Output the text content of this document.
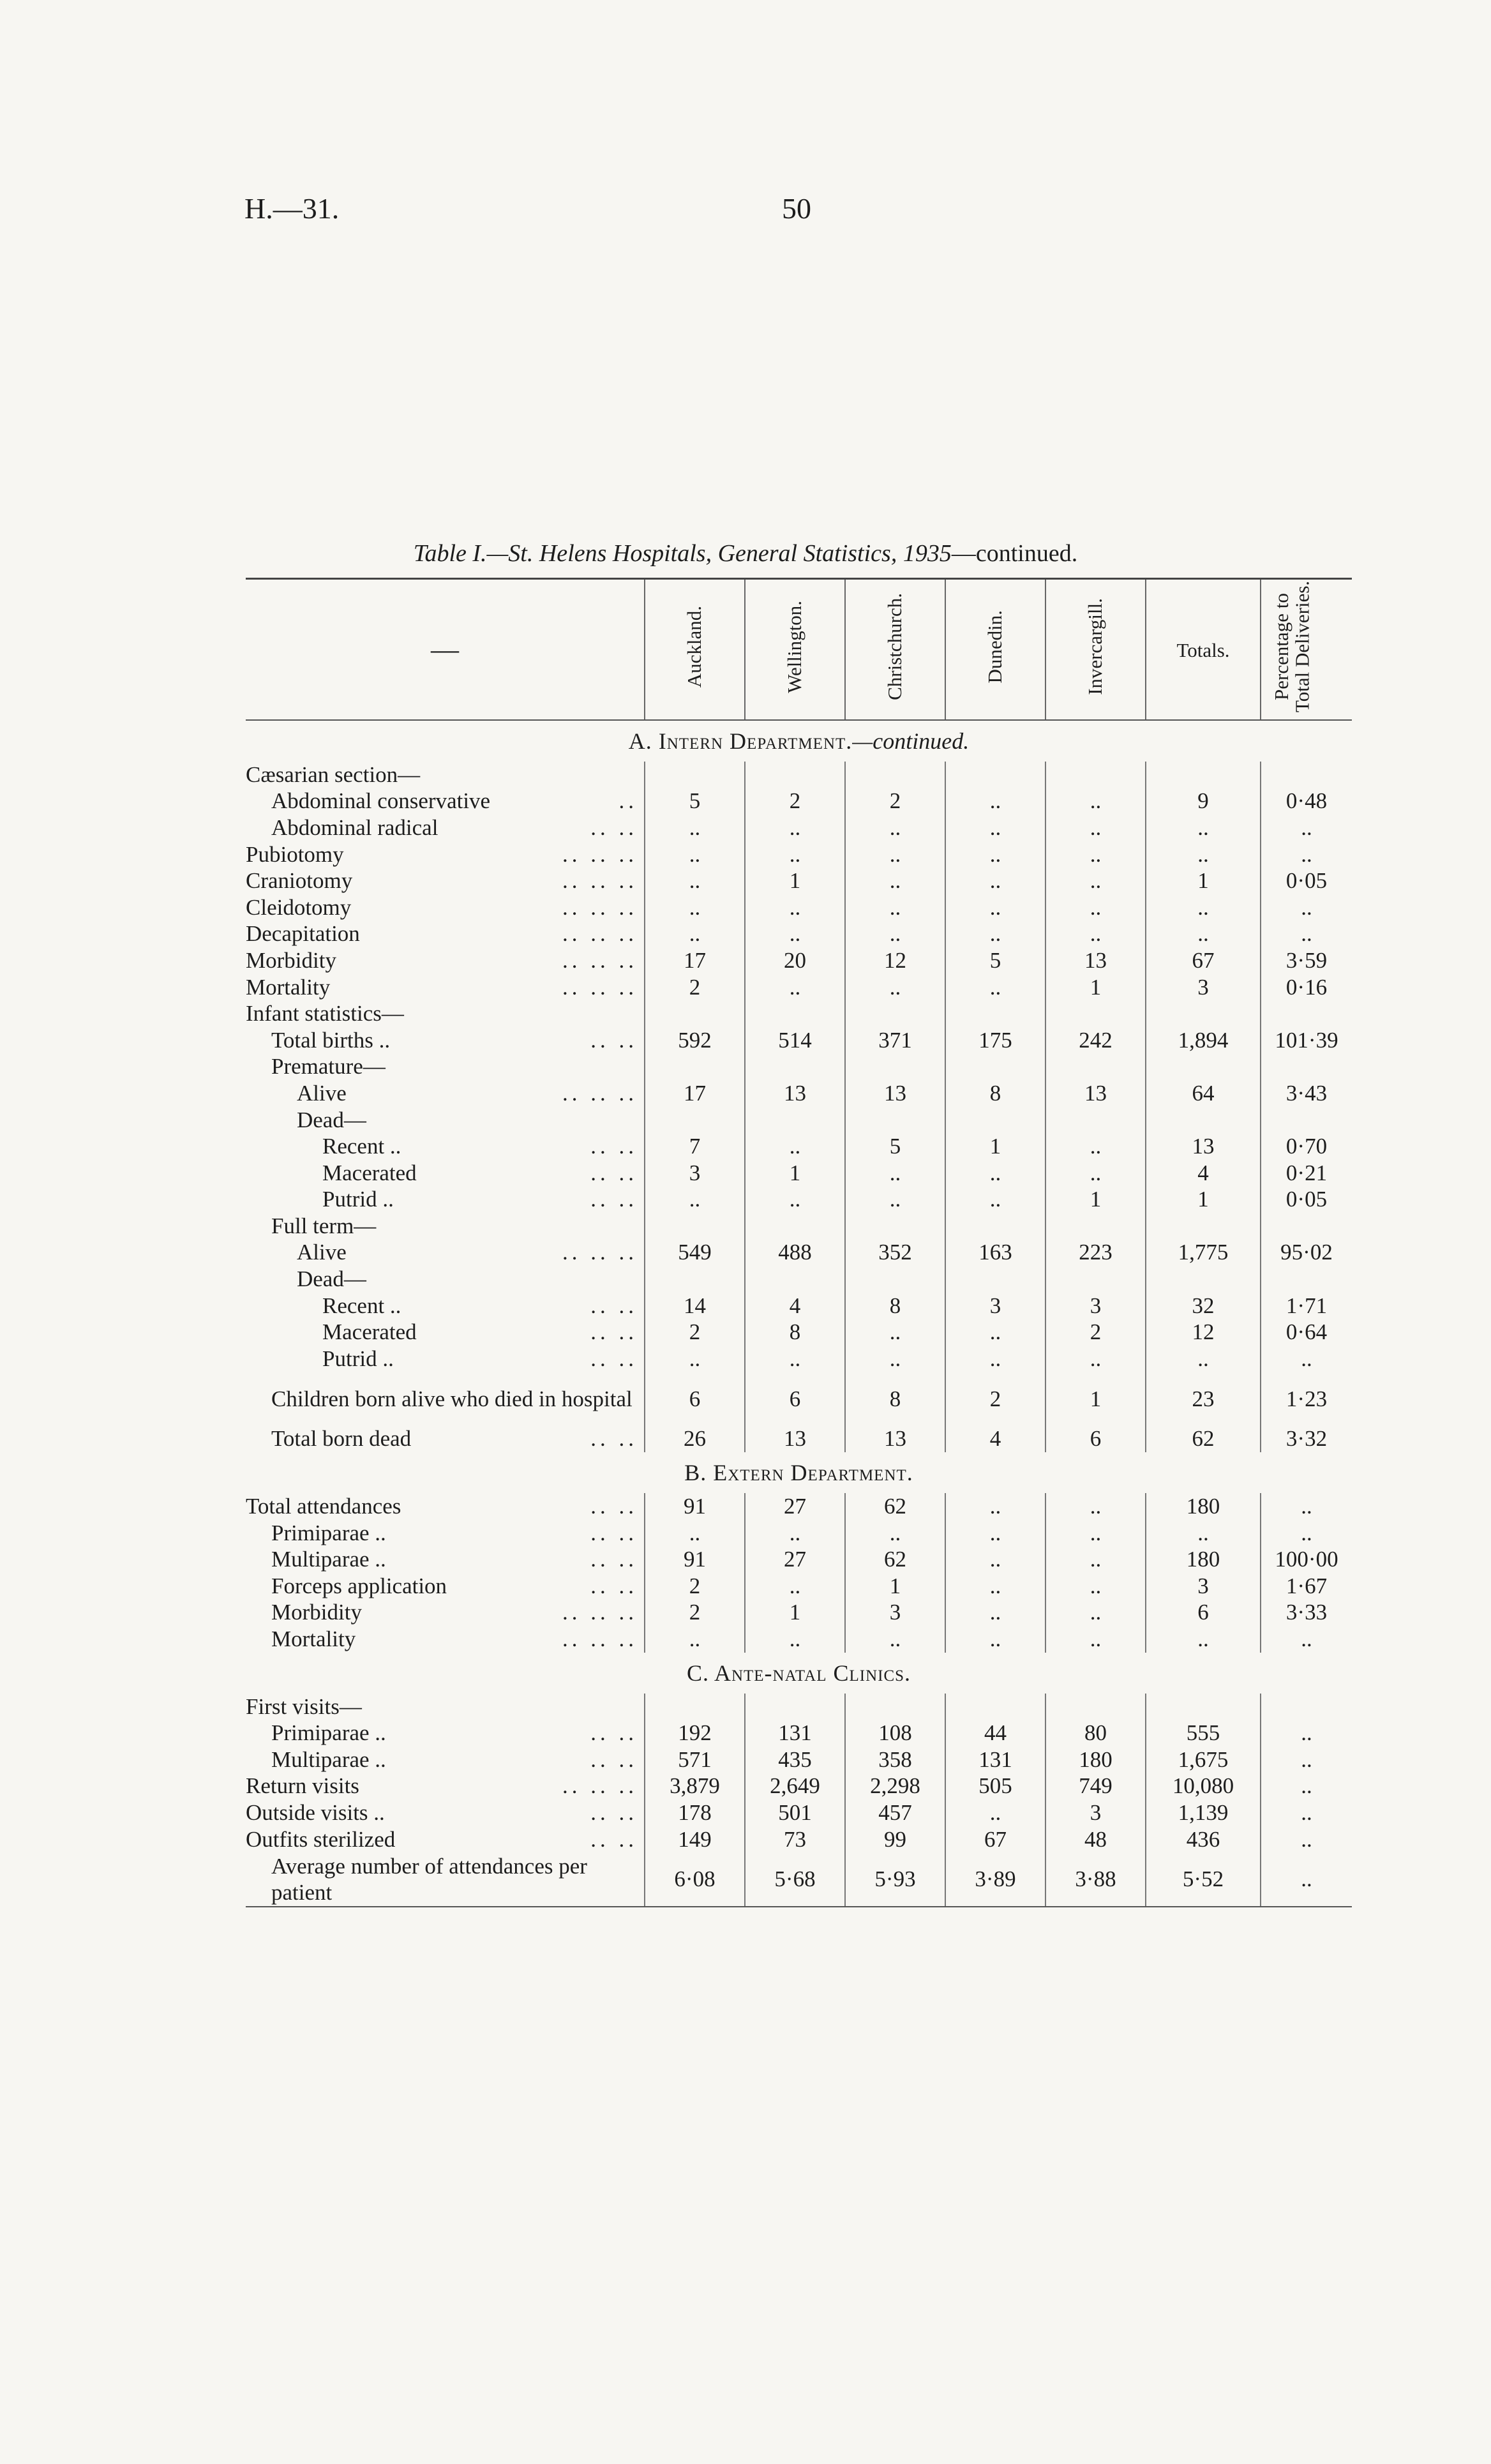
H.—31.	50
Table I.—St. Helens Hospitals, General Statistics, 1935—continued.
—	Auckland.	Wellington.	Christchurch.	Dunedin.	Invercargill.	Totals.	Percentage to Total Deliveries.
A. Intern Department.—continued.							
Cæsarian section—							
Abdominal conservative ..	5	2	2	..	..	9	0·48
Abdominal radical .. ..	..	..	..	..	..	..	..
Pubiotomy .. .. ..	..	..	..	..	..	..	..
Craniotomy .. .. ..	..	1	..	..	..	1	0·05
Cleidotomy .. .. ..	..	..	..	..	..	..	..
Decapitation .. .. ..	..	..	..	..	..	..	..
Morbidity .. .. ..	17	20	12	5	13	67	3·59
Mortality .. .. ..	2	..	..	..	1	3	0·16
Infant statistics—							
Total births .. .. ..	592	514	371	175	242	1,894	101·39
Premature—							
Alive .. .. ..	17	13	13	8	13	64	3·43
Dead—							
Recent .. .. ..	7	..	5	1	..	13	0·70
Macerated .. ..	3	1	..	..	..	4	0·21
Putrid .. .. ..	..	..	..	..	1	1	0·05
Full term—							
Alive .. .. ..	549	488	352	163	223	1,775	95·02
Dead—							
Recent .. .. ..	14	4	8	3	3	32	1·71
Macerated .. ..	2	8	..	..	2	12	0·64
Putrid .. .. ..	..	..	..	..	..	..	..
Children born alive who died in hospital	6	6	8	2	1	23	1·23
Total born dead .. ..	26	13	13	4	6	62	3·32
B. Extern Department.							
Total attendances .. ..	91	27	62	..	..	180	..
Primiparae .. .. ..	..	..	..	..	..	..	..
Multiparae .. .. ..	91	27	62	..	..	180	100·00
Forceps application .. ..	2	..	1	..	..	3	1·67
Morbidity .. .. ..	2	1	3	..	..	6	3·33
Mortality .. .. ..	..	..	..	..	..	..	..
C. Ante-natal Clinics.							
First visits—							
Primiparae .. .. ..	192	131	108	44	80	555	..
Multiparae .. .. ..	571	435	358	131	180	1,675	..
Return visits .. .. ..	3,879	2,649	2,298	505	749	10,080	..
Outside visits .. .. ..	178	501	457	..	3	1,139	..
Outfits sterilized .. ..	149	73	99	67	48	436	..
Average number of attendances per patient	6·08	5·68	5·93	3·89	3·88	5·52	..
